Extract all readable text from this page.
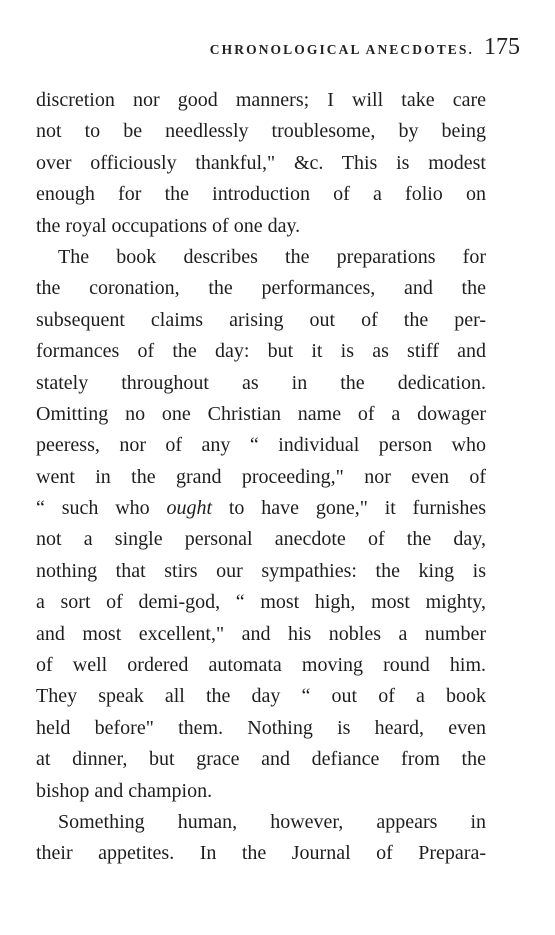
CHRONOLOGICAL ANECDOTES. 175
discretion nor good manners; I will take care
not to be needlessly troublesome, by being
over officiously thankful," &c. This is modest
enough for the introduction of a folio on
the royal occupations of one day.
The book describes the preparations for
the coronation, the performances, and the
subsequent claims arising out of the per-
formances of the day: but it is as stiff and
stately throughout as in the dedication.
Omitting no one Christian name of a dowager
peeress, nor of any “ individual person who
went in the grand proceeding," nor even of
“ such who ought to have gone," it furnishes
not a single personal anecdote of the day,
nothing that stirs our sympathies: the king is
a sort of demi-god, “ most high, most mighty,
and most excellent," and his nobles a number
of well ordered automata moving round him.
They speak all the day “ out of a book
held before" them. Nothing is heard, even
at dinner, but grace and defiance from the
bishop and champion.
Something human, however, appears in
their appetites. In the Journal of Prepara-
